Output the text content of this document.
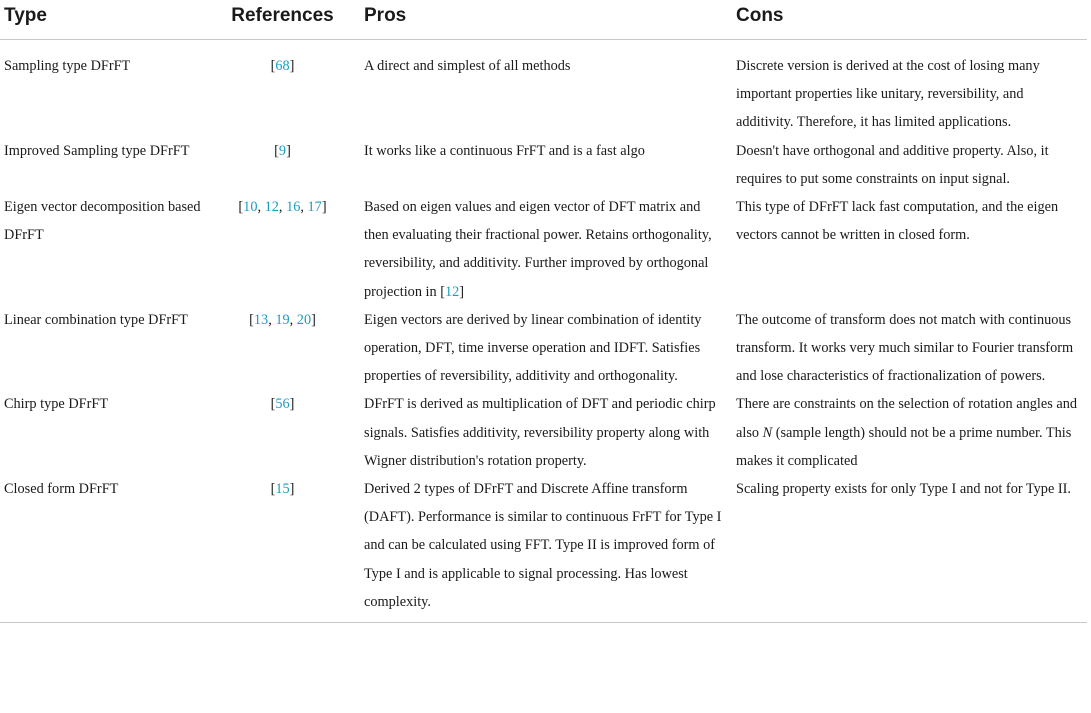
Type	References	Pros	Cons
Sampling type DFrFT	[68]	A direct and simplest of all methods	Discrete version is derived at the cost of losing many important properties like unitary, reversibility, and additivity. Therefore, it has limited applications.
Improved Sampling type DFrFT	[9]	It works like a continuous FrFT and is a fast algo	Doesn't have orthogonal and additive property. Also, it requires to put some constraints on input signal.
Eigen vector decomposition based DFrFT	[10, 12, 16, 17]	Based on eigen values and eigen vector of DFT matrix and then evaluating their fractional power. Retains orthogonality, reversibility, and additivity. Further improved by orthogonal projection in [12]	This type of DFrFT lack fast computation, and the eigen vectors cannot be written in closed form.
Linear combination type DFrFT	[13, 19, 20]	Eigen vectors are derived by linear combination of identity operation, DFT, time inverse operation and IDFT. Satisfies properties of reversibility, additivity and orthogonality.	The outcome of transform does not match with continuous transform. It works very much similar to Fourier transform and lose characteristics of fractionalization of powers.
Chirp type DFrFT	[56]	DFrFT is derived as multiplication of DFT and periodic chirp signals. Satisfies additivity, reversibility property along with Wigner distribution's rotation property.	There are constraints on the selection of rotation angles and also N (sample length) should not be a prime number. This makes it complicated
Closed form DFrFT	[15]	Derived 2 types of DFrFT and Discrete Affine transform (DAFT). Performance is similar to continuous FrFT for Type I and can be calculated using FFT. Type II is improved form of Type I and is applicable to signal processing. Has lowest complexity.	Scaling property exists for only Type I and not for Type II.
